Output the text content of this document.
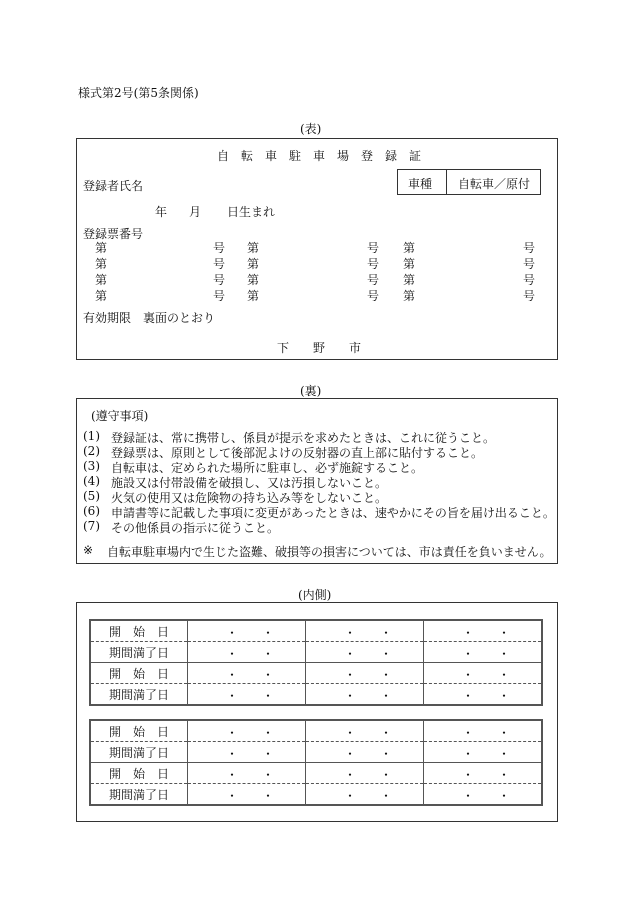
様式第2号(第5条関係)
(表)
自　転　車　駐　車　場　登　録　証
登録者氏名	車種 自転車／原付
年 月 日生まれ
登録票番号
第	号 第	号 第	号
第	号 第	号 第	号
第	号 第	号 第	号
第	号 第	号 第	号
有効期限　裏面のとおり
下　　野　　市
(裏)
(遵守事項)
(1) 登録証は、常に携帯し、係員が提示を求めたときは、これに従うこと。
(2) 登録票は、原則として後部泥よけの反射器の直上部に貼付すること。
(3) 自転車は、定められた場所に駐車し、必ず施錠すること。
(4) 施設又は付帯設備を破損し、又は汚損しないこと。
(5) 火気の使用又は危険物の持ち込み等をしないこと。
(6) 申請書等に記載した事項に変更があったときは、速やかにその旨を届け出ること。
(7) その他係員の指示に従うこと。
※ 自転車駐車場内で生じた盗難、破損等の損害については、市は責任を負いません。
(内側)
開　始　日	・ ・	・ ・	・ ・

期間満了日	・ ・	・ ・	・ ・

開　始　日	・ ・	・ ・	・ ・

期間満了日	・ ・	・ ・	・ ・
開　始　日	・ ・	・ ・	・ ・

期間満了日	・ ・	・ ・	・ ・

開　始　日	・ ・	・ ・	・ ・

期間満了日	・ ・	・ ・	・ ・
